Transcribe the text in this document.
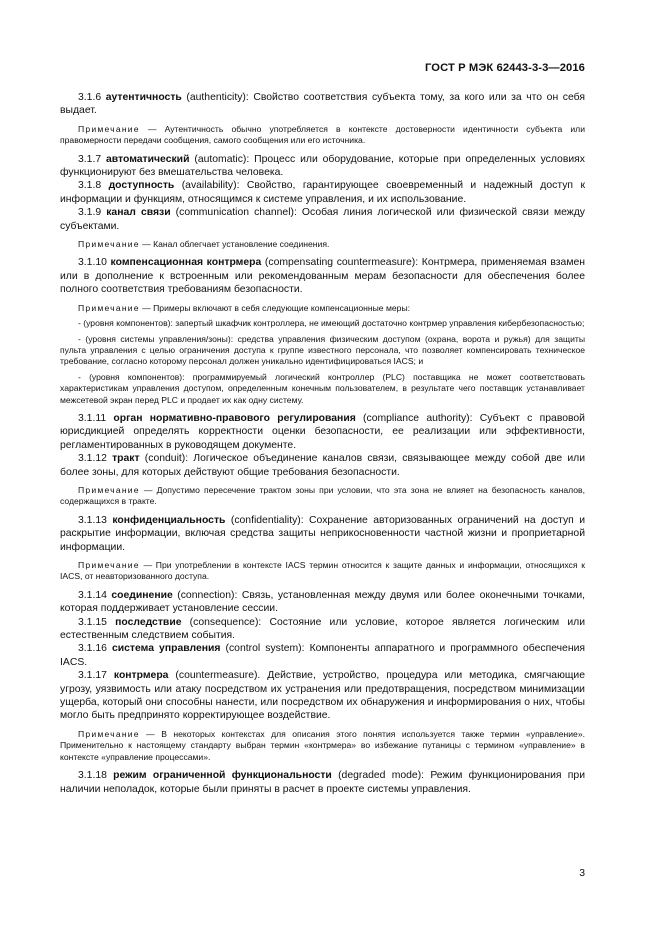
ГОСТ Р МЭК 62443-3-3—2016

3.1.6 аутентичность (authenticity): Свойство соответствия субъекта тому, за кого или за что он себя выдает.

Примечание — Аутентичность обычно употребляется в контексте достоверности идентичности субъекта или правомерности передачи сообщения, самого сообщения или его источника.

3.1.7 автоматический (automatic): Процесс или оборудование, которые при определенных условиях функционируют без вмешательства человека.

3.1.8 доступность (availability): Свойство, гарантирующее своевременный и надежный доступ к информации и функциям, относящимся к системе управления, и их использование.

3.1.9 канал связи (communication channel): Особая линия логической или физической связи между субъектами.

Примечание — Канал облегчает установление соединения.

3.1.10 компенсационная контрмера (compensating countermeasure): Контрмера, применяемая взамен или в дополнение к встроенным или рекомендованным мерам безопасности для обеспечения более полного соответствия требованиям безопасности.

Примечание — Примеры включают в себя следующие компенсационные меры:

- (уровня компонентов): запертый шкафчик контроллера, не имеющий достаточно контрмер управления кибербезопасностью;

- (уровня системы управления/зоны): средства управления физическим доступом (охрана, ворота и ружья) для защиты пульта управления с целью ограничения доступа к группе известного персонала, что позволяет компенсировать техническое требование, согласно которому персонал должен уникально идентифицироваться IACS; и

- (уровня компонентов): программируемый логический контроллер (PLC) поставщика не может соответствовать характеристикам управления доступом, определенным конечным пользователем, в результате чего поставщик устанавливает межсетевой экран перед PLC и продает их как одну систему.

3.1.11 орган нормативно-правового регулирования (compliance authority): Субъект с правовой юрисдикцией определять корректности оценки безопасности, ее реализации или эффективности, регламентированных в руководящем документе.

3.1.12 тракт (conduit): Логическое объединение каналов связи, связывающее между собой две или более зоны, для которых действуют общие требования безопасности.

Примечание — Допустимо пересечение трактом зоны при условии, что эта зона не влияет на безопасность каналов, содержащихся в тракте.

3.1.13 конфиденциальность (confidentiality): Сохранение авторизованных ограничений на доступ и раскрытие информации, включая средства защиты неприкосновенности частной жизни и проприетарной информации.

Примечание — При употреблении в контексте IACS термин относится к защите данных и информации, относящихся к IACS, от неавторизованного доступа.

3.1.14 соединение (connection): Связь, установленная между двумя или более оконечными точками, которая поддерживает установление сессии.

3.1.15 последствие (consequence): Состояние или условие, которое является логическим или естественным следствием события.

3.1.16 система управления (control system): Компоненты аппаратного и программного обеспечения IACS.

3.1.17 контрмера (countermeasure). Действие, устройство, процедура или методика, смягчающие угрозу, уязвимость или атаку посредством их устранения или предотвращения, посредством минимизации ущерба, который они способны нанести, или посредством их обнаружения и информирования о них, чтобы могло быть предпринято корректирующее воздействие.

Примечание — В некоторых контекстах для описания этого понятия используется также термин «управление». Применительно к настоящему стандарту выбран термин «контрмера» во избежание путаницы с термином «управление» в контексте «управление процессами».

3.1.18 режим ограниченной функциональности (degraded mode): Режим функционирования при наличии неполадок, которые были приняты в расчет в проекте системы управления.

3
